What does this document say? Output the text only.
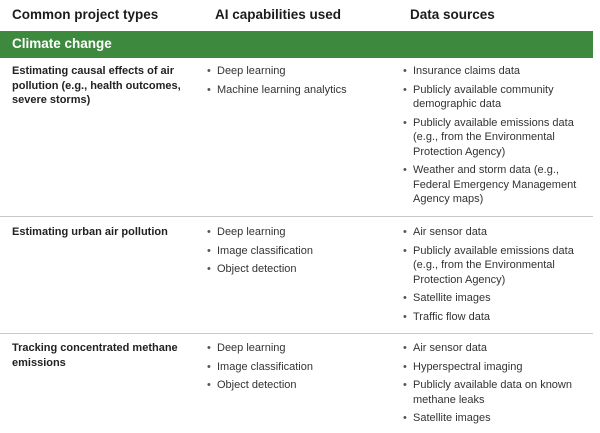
Common project types	AI capabilities used	Data sources
Climate change
Estimating causal effects of air pollution (e.g., health outcomes, severe storms)
• Deep learning
• Machine learning analytics
• Insurance claims data
• Publicly available community demographic data
• Publicly available emissions data (e.g., from the Environmental Protection Agency)
• Weather and storm data (e.g., Federal Emergency Management Agency maps)
Estimating urban air pollution
•	Deep learning
• Image classification
• Object detection
• Air sensor data
• Publicly available emissions data (e.g., from the Environmental Protection Agency)
• Satellite images
• Traffic flow data
Tracking concentrated methane emissions
• Deep learning
• Image classification
• Object detection
• Air sensor data
• Hyperspectral imaging
• Publicly available data on known methane leaks
• Satellite images
